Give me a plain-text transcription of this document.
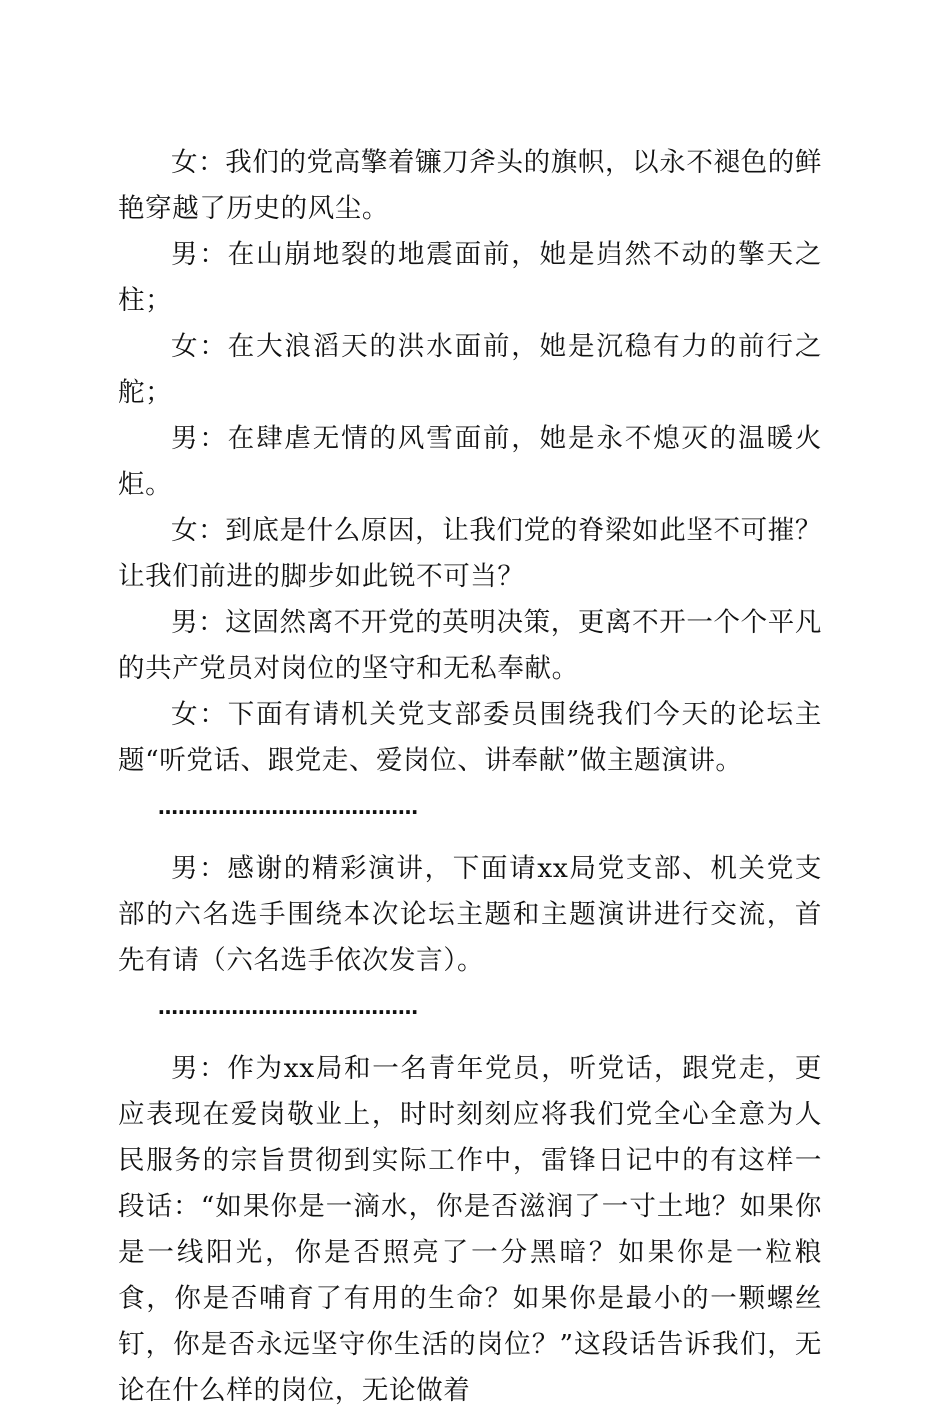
女：我们的党高擎着镰刀斧头的旗帜，以永不褪色的鲜艳穿越了历史的风尘。

男：在山崩地裂的地震面前，她是岿然不动的擎天之柱；

女：在大浪滔天的洪水面前，她是沉稳有力的前行之舵；

男：在肆虐无情的风雪面前，她是永不熄灭的温暖火炬。

女：到底是什么原因，让我们党的脊梁如此坚不可摧？让我们前进的脚步如此锐不可当？

男：这固然离不开党的英明决策，更离不开一个个平凡的共产党员对岗位的坚守和无私奉献。

女：下面有请机关党支部委员围绕我们今天的论坛主题“听党话、跟党走、爱岗位、讲奉献”做主题演讲。

…………………………………

男：感谢的精彩演讲，下面请xx局党支部、机关党支部的六名选手围绕本次论坛主题和主题演讲进行交流，首先有请（六名选手依次发言）。

…………………………………

男：作为xx局和一名青年党员，听党话，跟党走，更应表现在爱岗敬业上，时时刻刻应将我们党全心全意为人民服务的宗旨贯彻到实际工作中，雷锋日记中的有这样一段话：“如果你是一滴水，你是否滋润了一寸土地？如果你是一线阳光，你是否照亮了一分黑暗？如果你是一粒粮食，你是否哺育了有用的生命？如果你是最小的一颗螺丝钉，你是否永远坚守你生活的岗位？”这段话告诉我们，无论在什么样的岗位，无论做着
